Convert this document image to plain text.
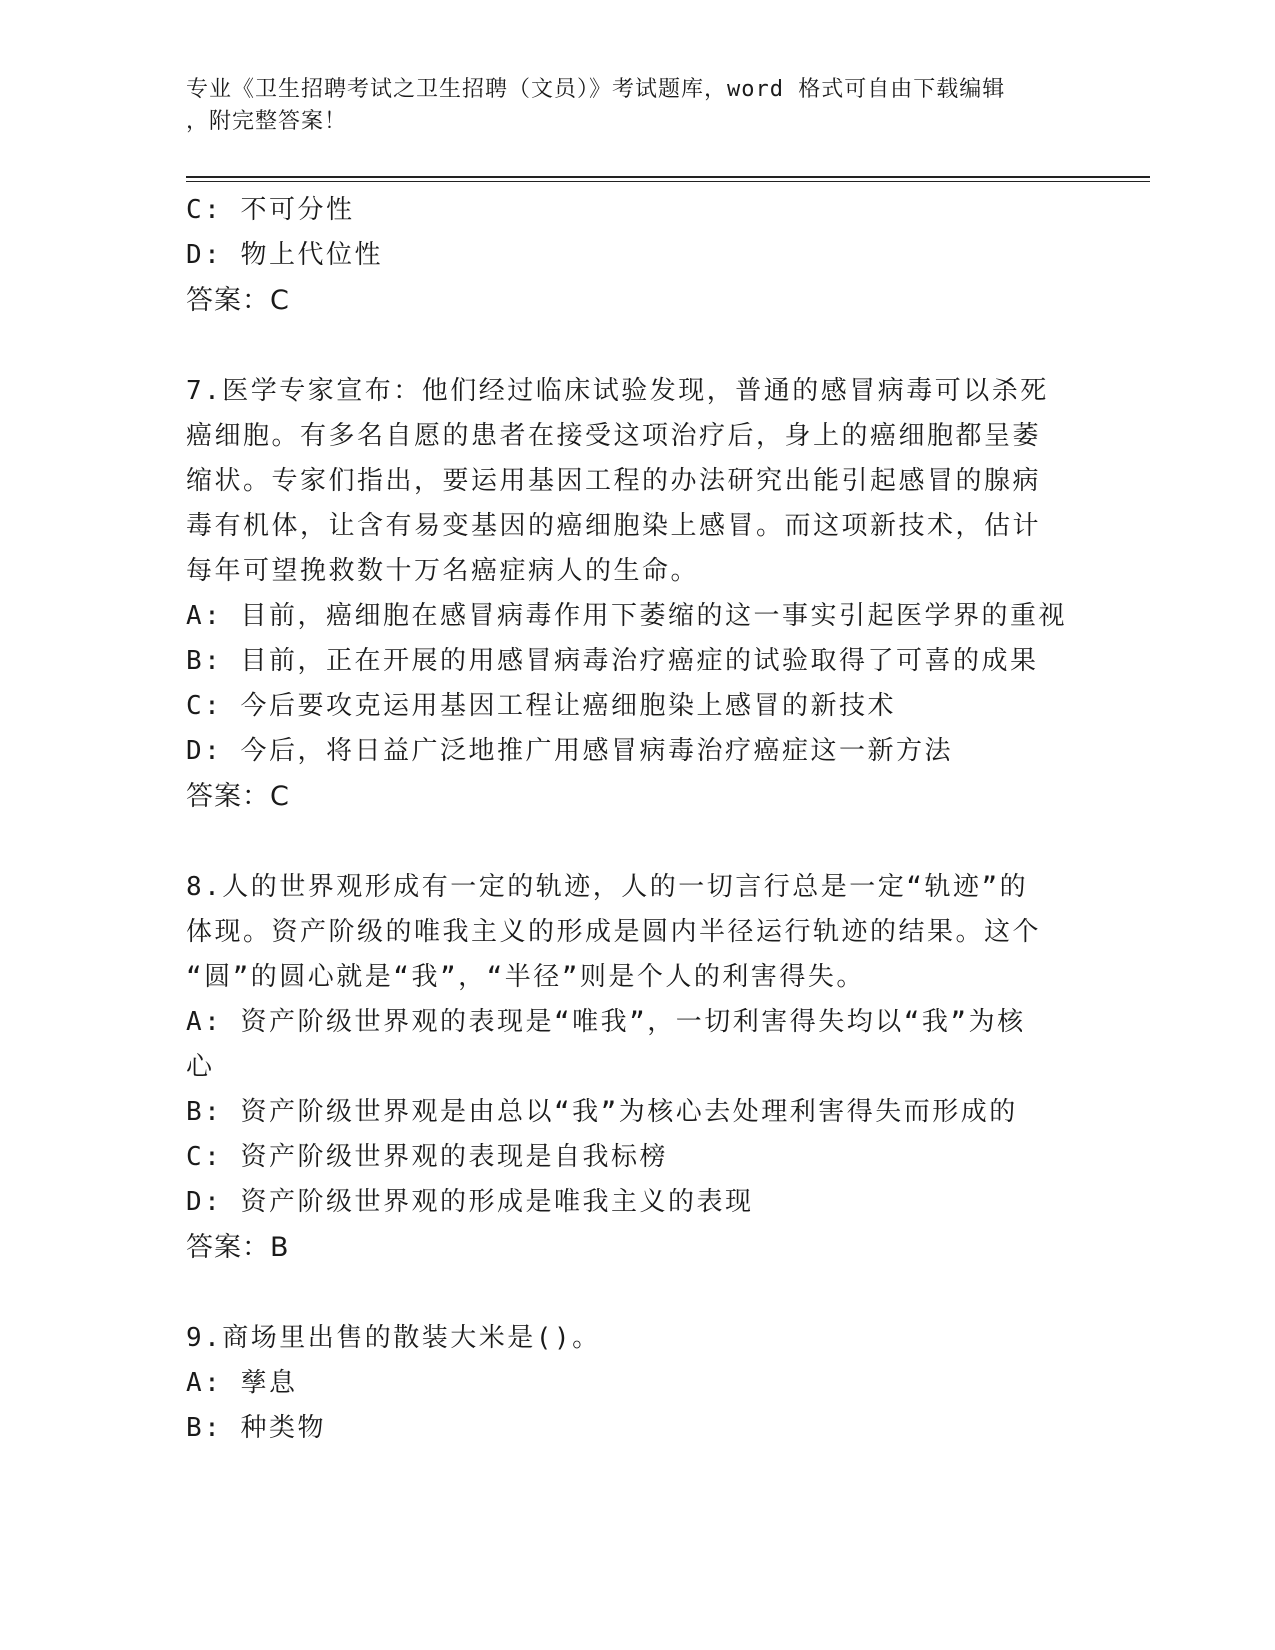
专业《卫生招聘考试之卫生招聘（文员）》考试题库，word 格式可自由下载编辑
，附完整答案！
C: 不可分性
D: 物上代位性
答案：C
7.医学专家宣布：他们经过临床试验发现，普通的感冒病毒可以杀死
癌细胞。有多名自愿的患者在接受这项治疗后，身上的癌细胞都呈萎
缩状。专家们指出，要运用基因工程的办法研究出能引起感冒的腺病
毒有机体，让含有易变基因的癌细胞染上感冒。而这项新技术，估计
每年可望挽救数十万名癌症病人的生命。
A: 目前，癌细胞在感冒病毒作用下萎缩的这一事实引起医学界的重视
B: 目前，正在开展的用感冒病毒治疗癌症的试验取得了可喜的成果
C: 今后要攻克运用基因工程让癌细胞染上感冒的新技术
D: 今后，将日益广泛地推广用感冒病毒治疗癌症这一新方法
答案：C
8.人的世界观形成有一定的轨迹，人的一切言行总是一定“轨迹”的
体现。资产阶级的唯我主义的形成是圆内半径运行轨迹的结果。这个
“圆”的圆心就是“我”，“半径”则是个人的利害得失。
A: 资产阶级世界观的表现是“唯我”，一切利害得失均以“我”为核
心
B: 资产阶级世界观是由总以“我”为核心去处理利害得失而形成的
C: 资产阶级世界观的表现是自我标榜
D: 资产阶级世界观的形成是唯我主义的表现
答案：B
9.商场里出售的散装大米是()。
A: 孳息
B: 种类物
